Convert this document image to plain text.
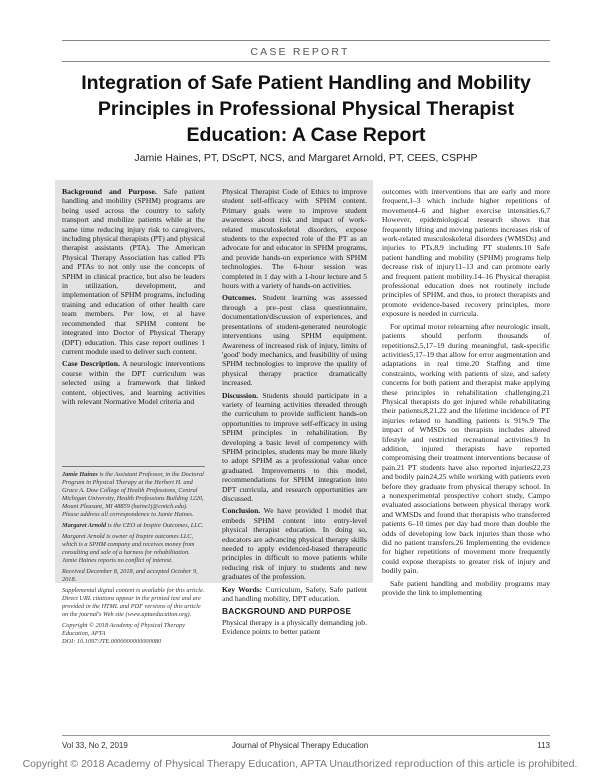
CASE REPORT
Integration of Safe Patient Handling and Mobility Principles in Professional Physical Therapist Education: A Case Report
Jamie Haines, PT, DScPT, NCS, and Margaret Arnold, PT, CEES, CSPHP

Background and Purpose. Safe patient handling and mobility (SPHM) programs are being used across the country to safely transport and mobilize patients while at the same time reducing injury risk to caregivers, including physical therapists (PT) and physical therapist assistants (PTA). The American Physical Therapy Association has called PTs and PTAs to not only use the concepts of SPHM in clinical practice, but also be leaders in utilization, development, and implementation of SPHM programs, including training and education of other health care team members. Per low, et al have recommended that SPHM content be integrated into Doctor of Physical Therapy (DPT) education. This case report outlines 1 current module used to deliver such content.

Case Description. A neurologic interventions course within the DPT curriculum was selected using a framework that linked content, objectives, and learning activities with relevant Normative Model criteria and

Jamie Haines is the Assistant Professor, in the Doctoral Program in Physical Therapy at the Herbert H. and Grace A. Dow College of Health Professions, Central Michigan University, Health Professions Building 1220, Mount Pleasant, MI 48859 (haine1j@cmich.edu). Please address all correspondence to Jamie Haines.

Margaret Arnold is the CEO at Inspire Outcomes, LLC.

Margaret Arnold is owner of Inspire outcomes LLC, which is a SPHM company and receives money from consulting and sale of a harness for rehabilitation. Jamie Haines reports no conflict of interest.

Received December 8, 2018, and accepted October 9, 2018.

Supplemental digital content is available for this article. Direct URL citations appear in the printed text and are provided in the HTML and PDF versions of this article on the journal's Web site (www.aptaeducation.org).

Copyright © 2018 Academy of Physical Therapy Education, APTA

DOI: 10.1097/JTE.0000000000000080

Physical Therapist Code of Ethics to improve student self-efficacy with SPHM content. Primary goals were to improve student awareness about risk and impact of work-related musculoskeletal disorders, expose students to the expected role of the PT as an advocate for and educator in SPHM programs, and provide hands-on experience with SPHM technologies. The 6-hour session was completed in 1 day with a 1-hour lecture and 5 hours with a variety of hands-on activities.

Outcomes. Student learning was assessed through a pre–post class questionnaire, documentation/discussion of experiences, and presentations of student-generated neurologic interventions using SPHM equipment. Awareness of increased risk of injury, limits of 'good' body mechanics, and feasibility of using SPHM technologies to improve the quality of physical therapy practice dramatically increased.

Discussion. Students should participate in a variety of learning activities threaded through the curriculum to provide sufficient hands-on opportunities to improve self-efficacy in using SPHM principles in rehabilitation. By developing a basic level of competency with SPHM principles, students may be more likely to adopt SPHM as a professional value once graduated. Improvements to this model, recommendations for SPHM integration into DPT curricula, and research opportunities are discussed.

Conclusion. We have provided 1 model that embeds SPHM content into entry-level physical therapist education. In doing so, educators are advancing physical therapy skills needed to apply evidenced-based therapeutic principles in difficult to move patients while reducing risk of injury to students and new graduates of the profession.

Key Words: Curriculum, Safety, Safe patient and handling mobility, DPT education.

BACKGROUND AND PURPOSE
Physical therapy is a physically demanding job. Evidence points to better patient

outcomes with interventions that are early and more frequent,1–3 which include higher repetitions of movement4–6 and higher exercise intensities.6,7 However, epidemiological research shows that frequently lifting and moving patients increases risk of work-related musculoskeletal disorders (WMSDs) and injuries to PTs,8,9 including PT students.10 Safe patient handling and mobility (SPHM) programs help decrease risk of injury11–13 and can promote early and frequent patient mobility.14–16 Physical therapist professional education does not routinely include principles of SPHM, and thus, to protect therapists and promote evidence-based recovery principles, more exposure is needed in curricula.

For optimal motor relearning after neurologic insult, patients should perform thousands of repetitions2,5,17–19 during meaningful, task-specific activities5,17–19 that allow for error augmentation and adaptations in real time.20 Staffing and time constraints, working with patients of size, and safety concerns for both patient and therapist make applying these principles in rehabilitation challenging.21 Physical therapists do get injured while rehabilitating their patients,8,21,22 and the lifetime incidence of PT injuries related to handling patients is 91%.9 The impact of WMSDs on therapists includes altered lifestyle and restricted recreational activities.9 In addition, injured therapists have reported compromising their treatment interventions because of pain.21 PT students have also reported injuries22,23 and bodily pain24,25 while working with patients even before they graduate from physical therapy school. In a nonexperimental prospective cohort study, Campo evaluated associations between physical therapy work and WMSDs and found that therapists who transferred patients 6–10 times per day had more than double the odds of developing low back injuries than those who did no patient transfers.26 Implementing the evidence for higher repetitions of movement more frequently could expose therapists to greater risk of injury and bodily pain.

Safe patient handling and mobility programs may provide the link to implementing

Vol 33, No 2, 2019	Journal of Physical Therapy Education	113
Copyright © 2018 Academy of Physical Therapy Education, APTA Unauthorized reproduction of this article is prohibited.
